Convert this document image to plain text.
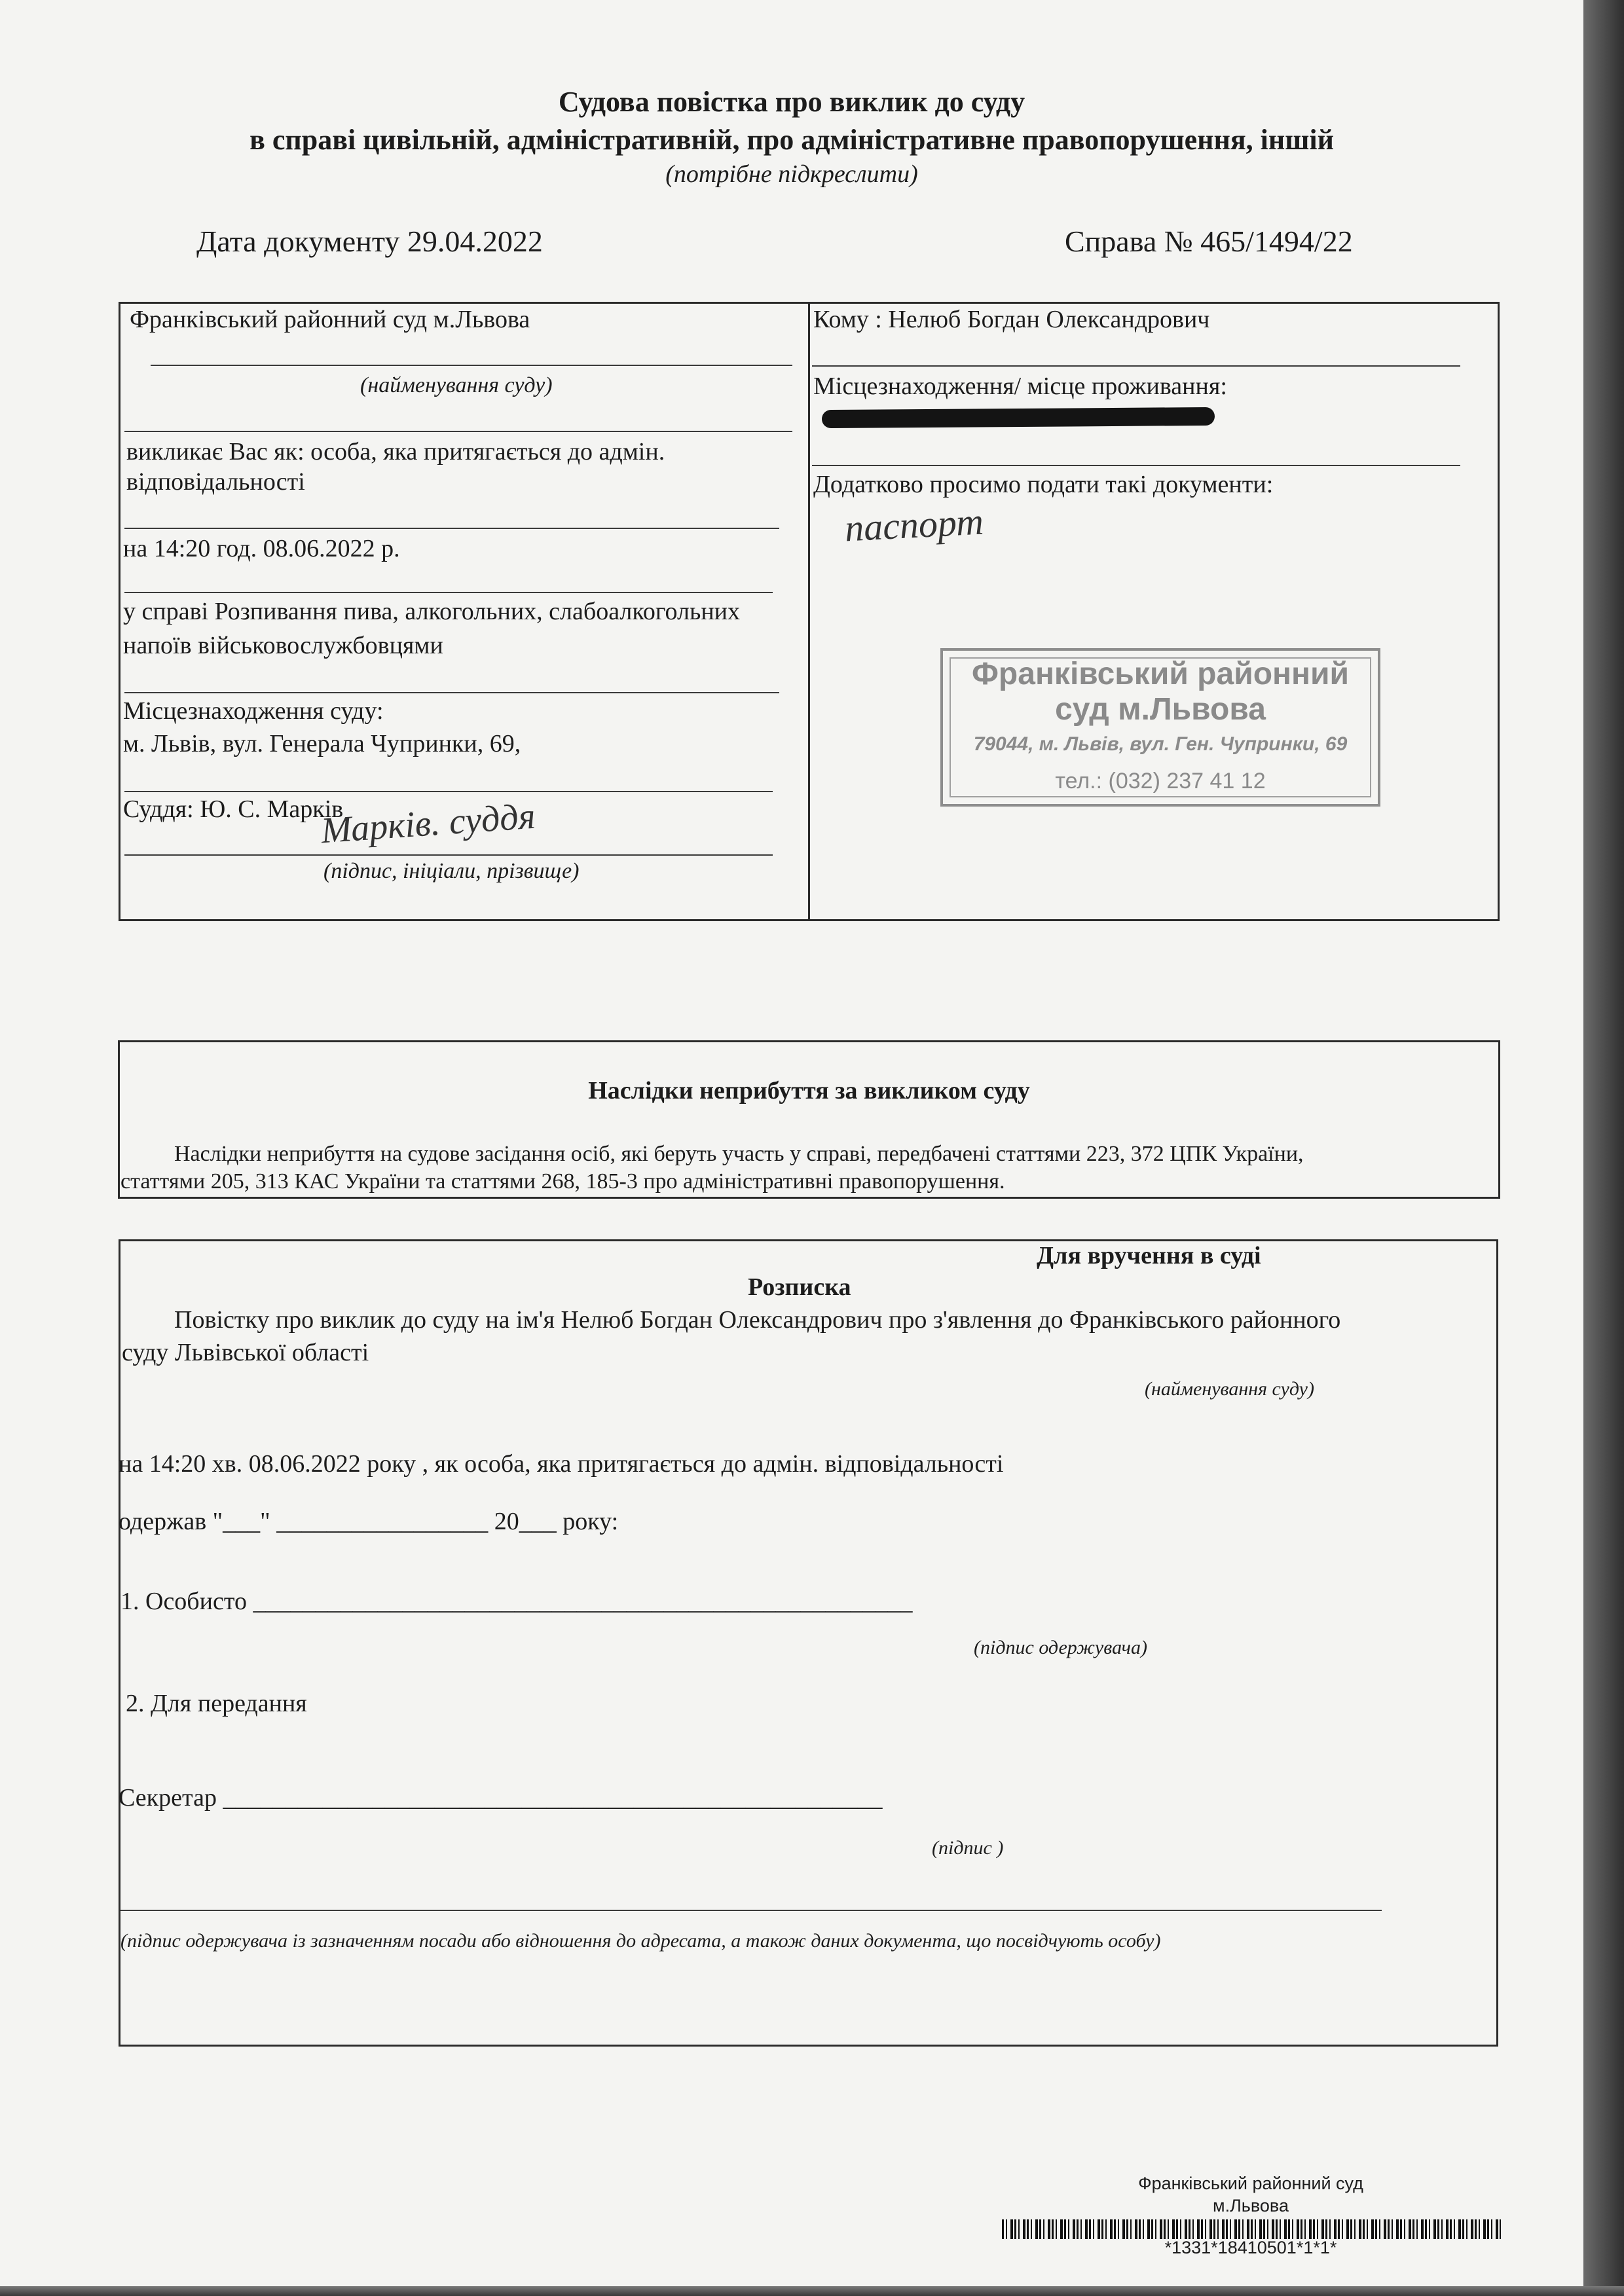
Судова повістка про виклик до суду
в справі цивільній, адміністративній, про адміністративне правопорушення, іншій
(потрібне підкреслити)
Дата документу 29.04.2022	Справа № 465/1494/22
Франківський районний суд м.Львова
(найменування суду)
викликає Вас як: особа, яка притягається до адмін.
відповідальності
на 14:20 год. 08.06.2022 р.
у справі Розпивання пива, алкогольних, слабоалкогольних
напоїв військовослужбовцями
Місцезнаходження суду:
м. Львів, вул. Генерала Чупринки, 69,
Суддя: Ю. С. Марків
Марків. суддя
(підпис, ініціали, прізвище)
Кому : Нелюб Богдан Олександрович
Місцезнаходження/ місце проживання:
Додатково просимо подати такі документи:
паспорт
Франківський районний
суд м.Львова
79044, м. Львів, вул. Ген. Чупринки, 69
тел.: (032) 237 41 12
Наслідки неприбуття за викликом суду
Наслідки неприбуття на судове засідання осіб, які беруть участь у справі, передбачені статтями 223, 372 ЦПК України,
статтями 205, 313 КАС України та статтями 268, 185-3 про адміністративні правопорушення.
Для вручення в суді
Розписка
Повістку про виклик до суду на ім'я Нелюб Богдан Олександрович про з'явлення до Франківського районного
суду Львівської області
(найменування суду)
на 14:20 хв. 08.06.2022 року , як особа, яка притягається до адмін. відповідальності
одержав "___" _________________ 20___ року:
1. Особисто _____________________________________________________
(підпис одержувача)
2. Для передання
Секретар _____________________________________________________
(підпис )
(підпис одержувача із зазначенням посади або відношення до адресата, а також даних документа, що посвідчують особу)
Франківський районний суд
м.Львова
*1331*18410501*1*1*
